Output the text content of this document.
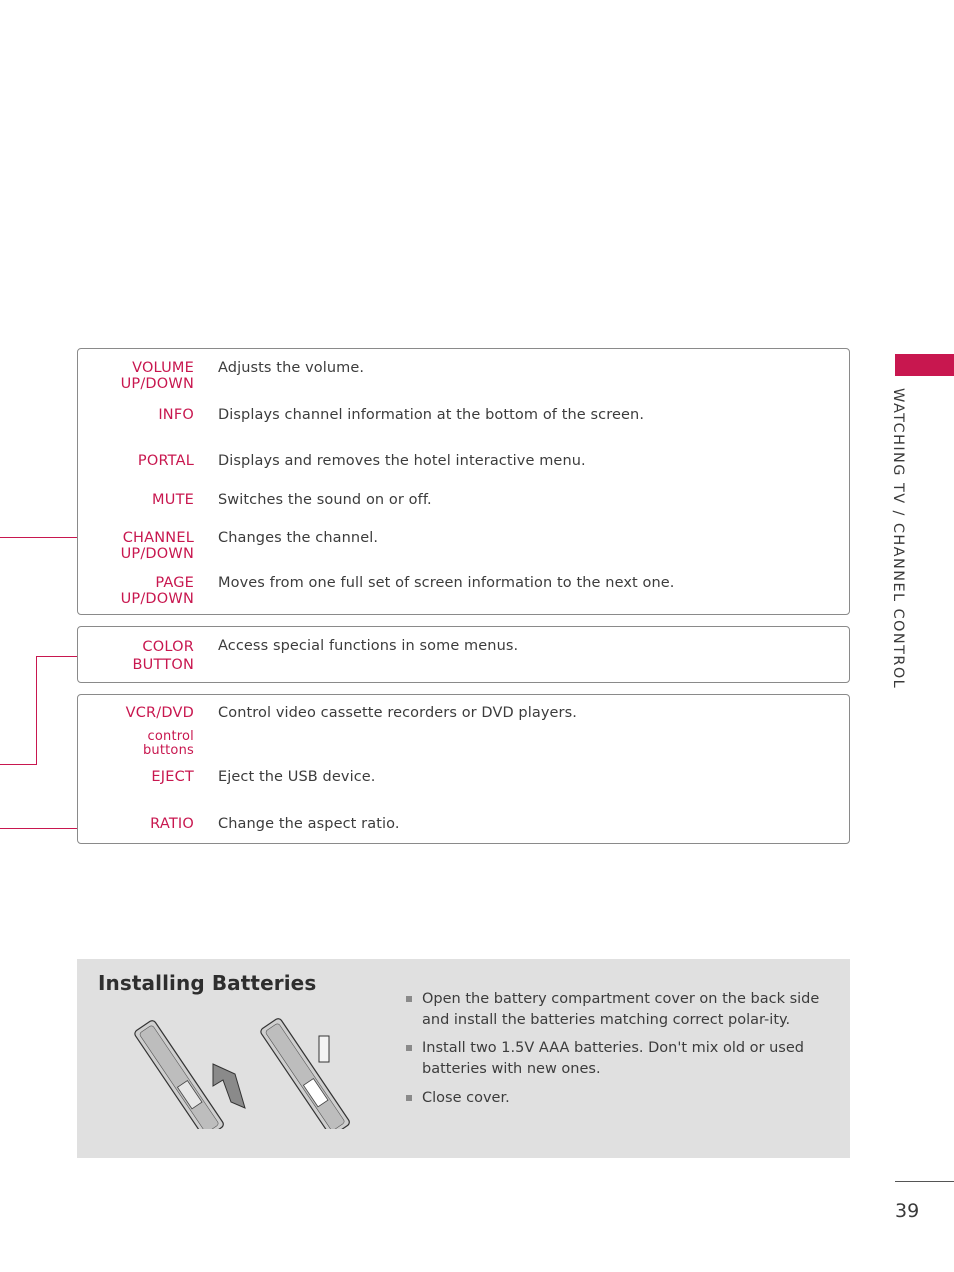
WATCHING TV / CHANNEL CONTROL
VOLUME
UP/DOWN
Adjusts the volume.
INFO Displays channel information at the bottom of the screen.
PORTAL Displays and removes the hotel interactive menu.
MUTE Switches the sound on or off.
CHANNEL
UP/DOWN
Changes the channel.
PAGE
UP/DOWN
Moves from one full set of screen information to the next one.
COLOR
BUTTON
Access special functions in some menus.
VCR/DVD Control video cassette recorders or DVD players.
control
buttons
EJECT Eject the USB device.
RATIO Change the aspect ratio.
Installing Batteries
Open the battery compartment cover on the back side and install the batteries matching correct polar-ity.
Install two 1.5V AAA batteries. Don't mix old or used batteries with new ones.
Close cover.
39
